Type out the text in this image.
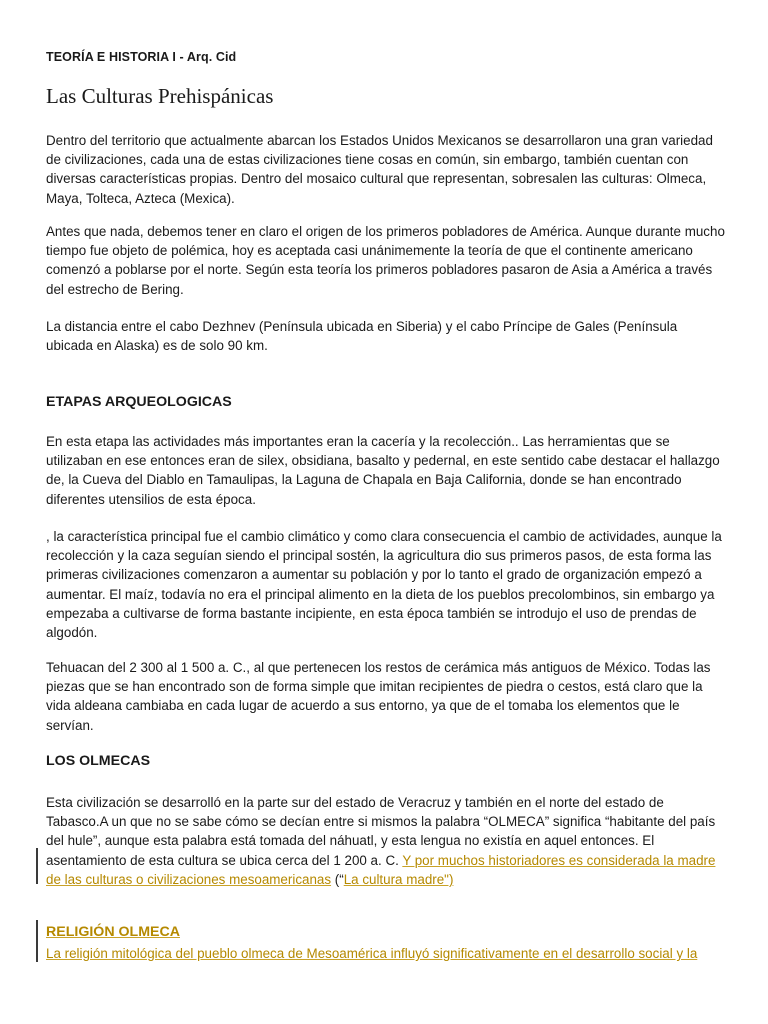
TEORÍA E HISTORIA I - Arq. Cid
Las Culturas Prehispánicas

Dentro del territorio que actualmente abarcan los Estados Unidos Mexicanos se desarrollaron una gran variedad de civilizaciones, cada una de estas civilizaciones tiene cosas en común, sin embargo, también cuentan con diversas características propias. Dentro del mosaico cultural que representan, sobresalen las culturas: Olmeca, Maya, Tolteca, Azteca (Mexica).

Antes que nada, debemos tener en claro el origen de los primeros pobladores de América. Aunque durante mucho tiempo fue objeto de polémica, hoy es aceptada casi unánimemente la teoría de que el continente americano comenzó a poblarse por el norte. Según esta teoría los primeros pobladores pasaron de Asia a América a través del estrecho de Bering.

La distancia entre el cabo Dezhnev (Península ubicada en Siberia) y el cabo Príncipe de Gales (Península ubicada en Alaska) es de solo 90 km.

ETAPAS ARQUEOLOGICAS

En esta etapa las actividades más importantes eran la cacería y la recolección.. Las herramientas que se utilizaban en ese entonces eran de silex, obsidiana, basalto y pedernal, en este sentido cabe destacar el hallazgo de, la Cueva del Diablo en Tamaulipas, la Laguna de Chapala en Baja California, donde se han encontrado diferentes utensilios de esta época.

, la característica principal fue el cambio climático y como clara consecuencia el cambio de actividades, aunque la recolección y la caza seguían siendo el principal sostén, la agricultura dio sus primeros pasos, de esta forma las primeras civilizaciones comenzaron a aumentar su población y por lo tanto el grado de organización empezó a aumentar. El maíz, todavía no era el principal alimento en la dieta de los pueblos precolombinos, sin embargo ya empezaba a cultivarse de forma bastante incipiente, en esta época también se introdujo el uso de prendas de algodón.

Tehuacan del 2 300 al 1 500 a. C., al que pertenecen los restos de cerámica más antiguos de México. Todas las piezas que se han encontrado son de forma simple que imitan recipientes de piedra o cestos, está claro que la vida aldeana cambiaba en cada lugar de acuerdo a sus entorno, ya que de el tomaba los elementos que le servían.

LOS OLMECAS

Esta civilización se desarrolló en la parte sur del estado de Veracruz y también en el norte del estado de Tabasco.A un que no se sabe cómo se decían entre si mismos la palabra “OLMECA” significa “habitante del país del hule”, aunque esta palabra está tomada del náhuatl, y esta lengua no existía en aquel entonces. El asentamiento de esta cultura se ubica cerca del 1 200 a. C. Y por muchos historiadores es considerada la madre de las culturas o civilizaciones mesoamericanas (“La cultura madre")

RELIGIÓN OLMECA

La religión mitológica del pueblo olmeca de Mesoamérica influyó significativamente en el desarrollo social y la
